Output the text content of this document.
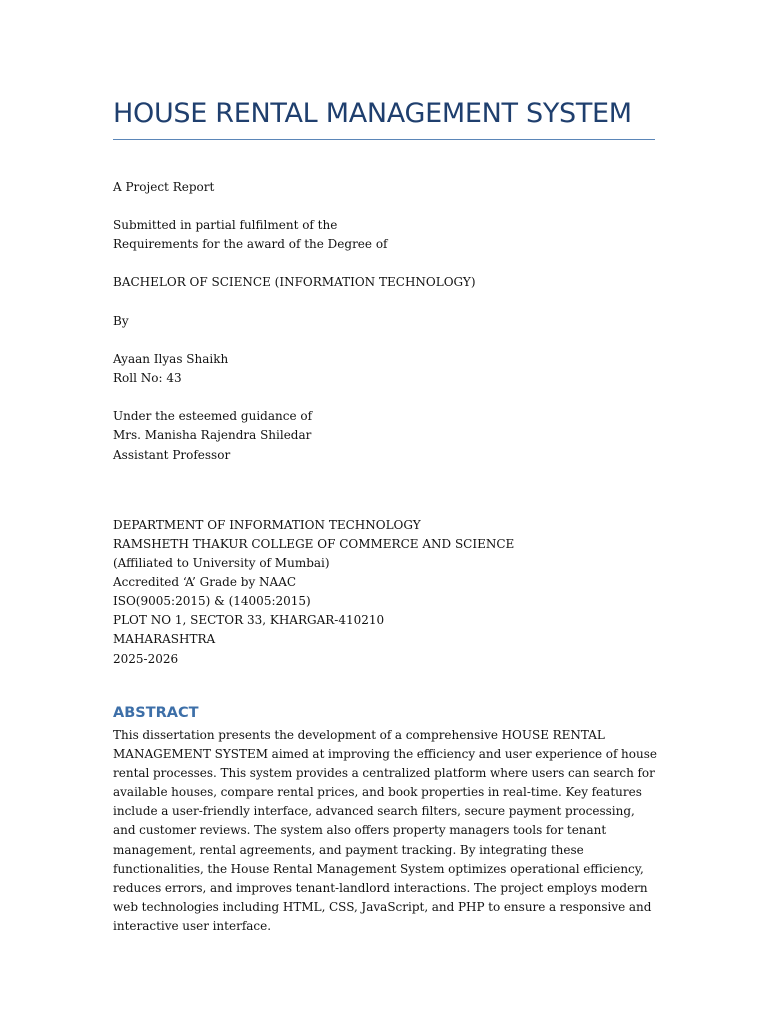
HOUSE RENTAL MANAGEMENT SYSTEM
A Project Report
Submitted in partial fulfilment of the
Requirements for the award of the Degree of
BACHELOR OF SCIENCE (INFORMATION TECHNOLOGY)
By
Ayaan Ilyas Shaikh
Roll No: 43
Under the esteemed guidance of
Mrs. Manisha Rajendra Shiledar
Assistant Professor
DEPARTMENT OF INFORMATION TECHNOLOGY
RAMSHETH THAKUR COLLEGE OF COMMERCE AND SCIENCE
(Affiliated to University of Mumbai)
Accredited ‘A’ Grade by NAAC
ISO(9005:2015) & (14005:2015)
PLOT NO 1, SECTOR 33, KHARGAR-410210
MAHARASHTRA
2025-2026
ABSTRACT
This dissertation presents the development of a comprehensive HOUSE RENTAL MANAGEMENT SYSTEM aimed at improving the efficiency and user experience of house rental processes. This system provides a centralized platform where users can search for available houses, compare rental prices, and book properties in real-time. Key features include a user-friendly interface, advanced search filters, secure payment processing, and customer reviews. The system also offers property managers tools for tenant management, rental agreements, and payment tracking. By integrating these functionalities, the House Rental Management System optimizes operational efficiency, reduces errors, and improves tenant-landlord interactions. The project employs modern web technologies including HTML, CSS, JavaScript, and PHP to ensure a responsive and interactive user interface.
